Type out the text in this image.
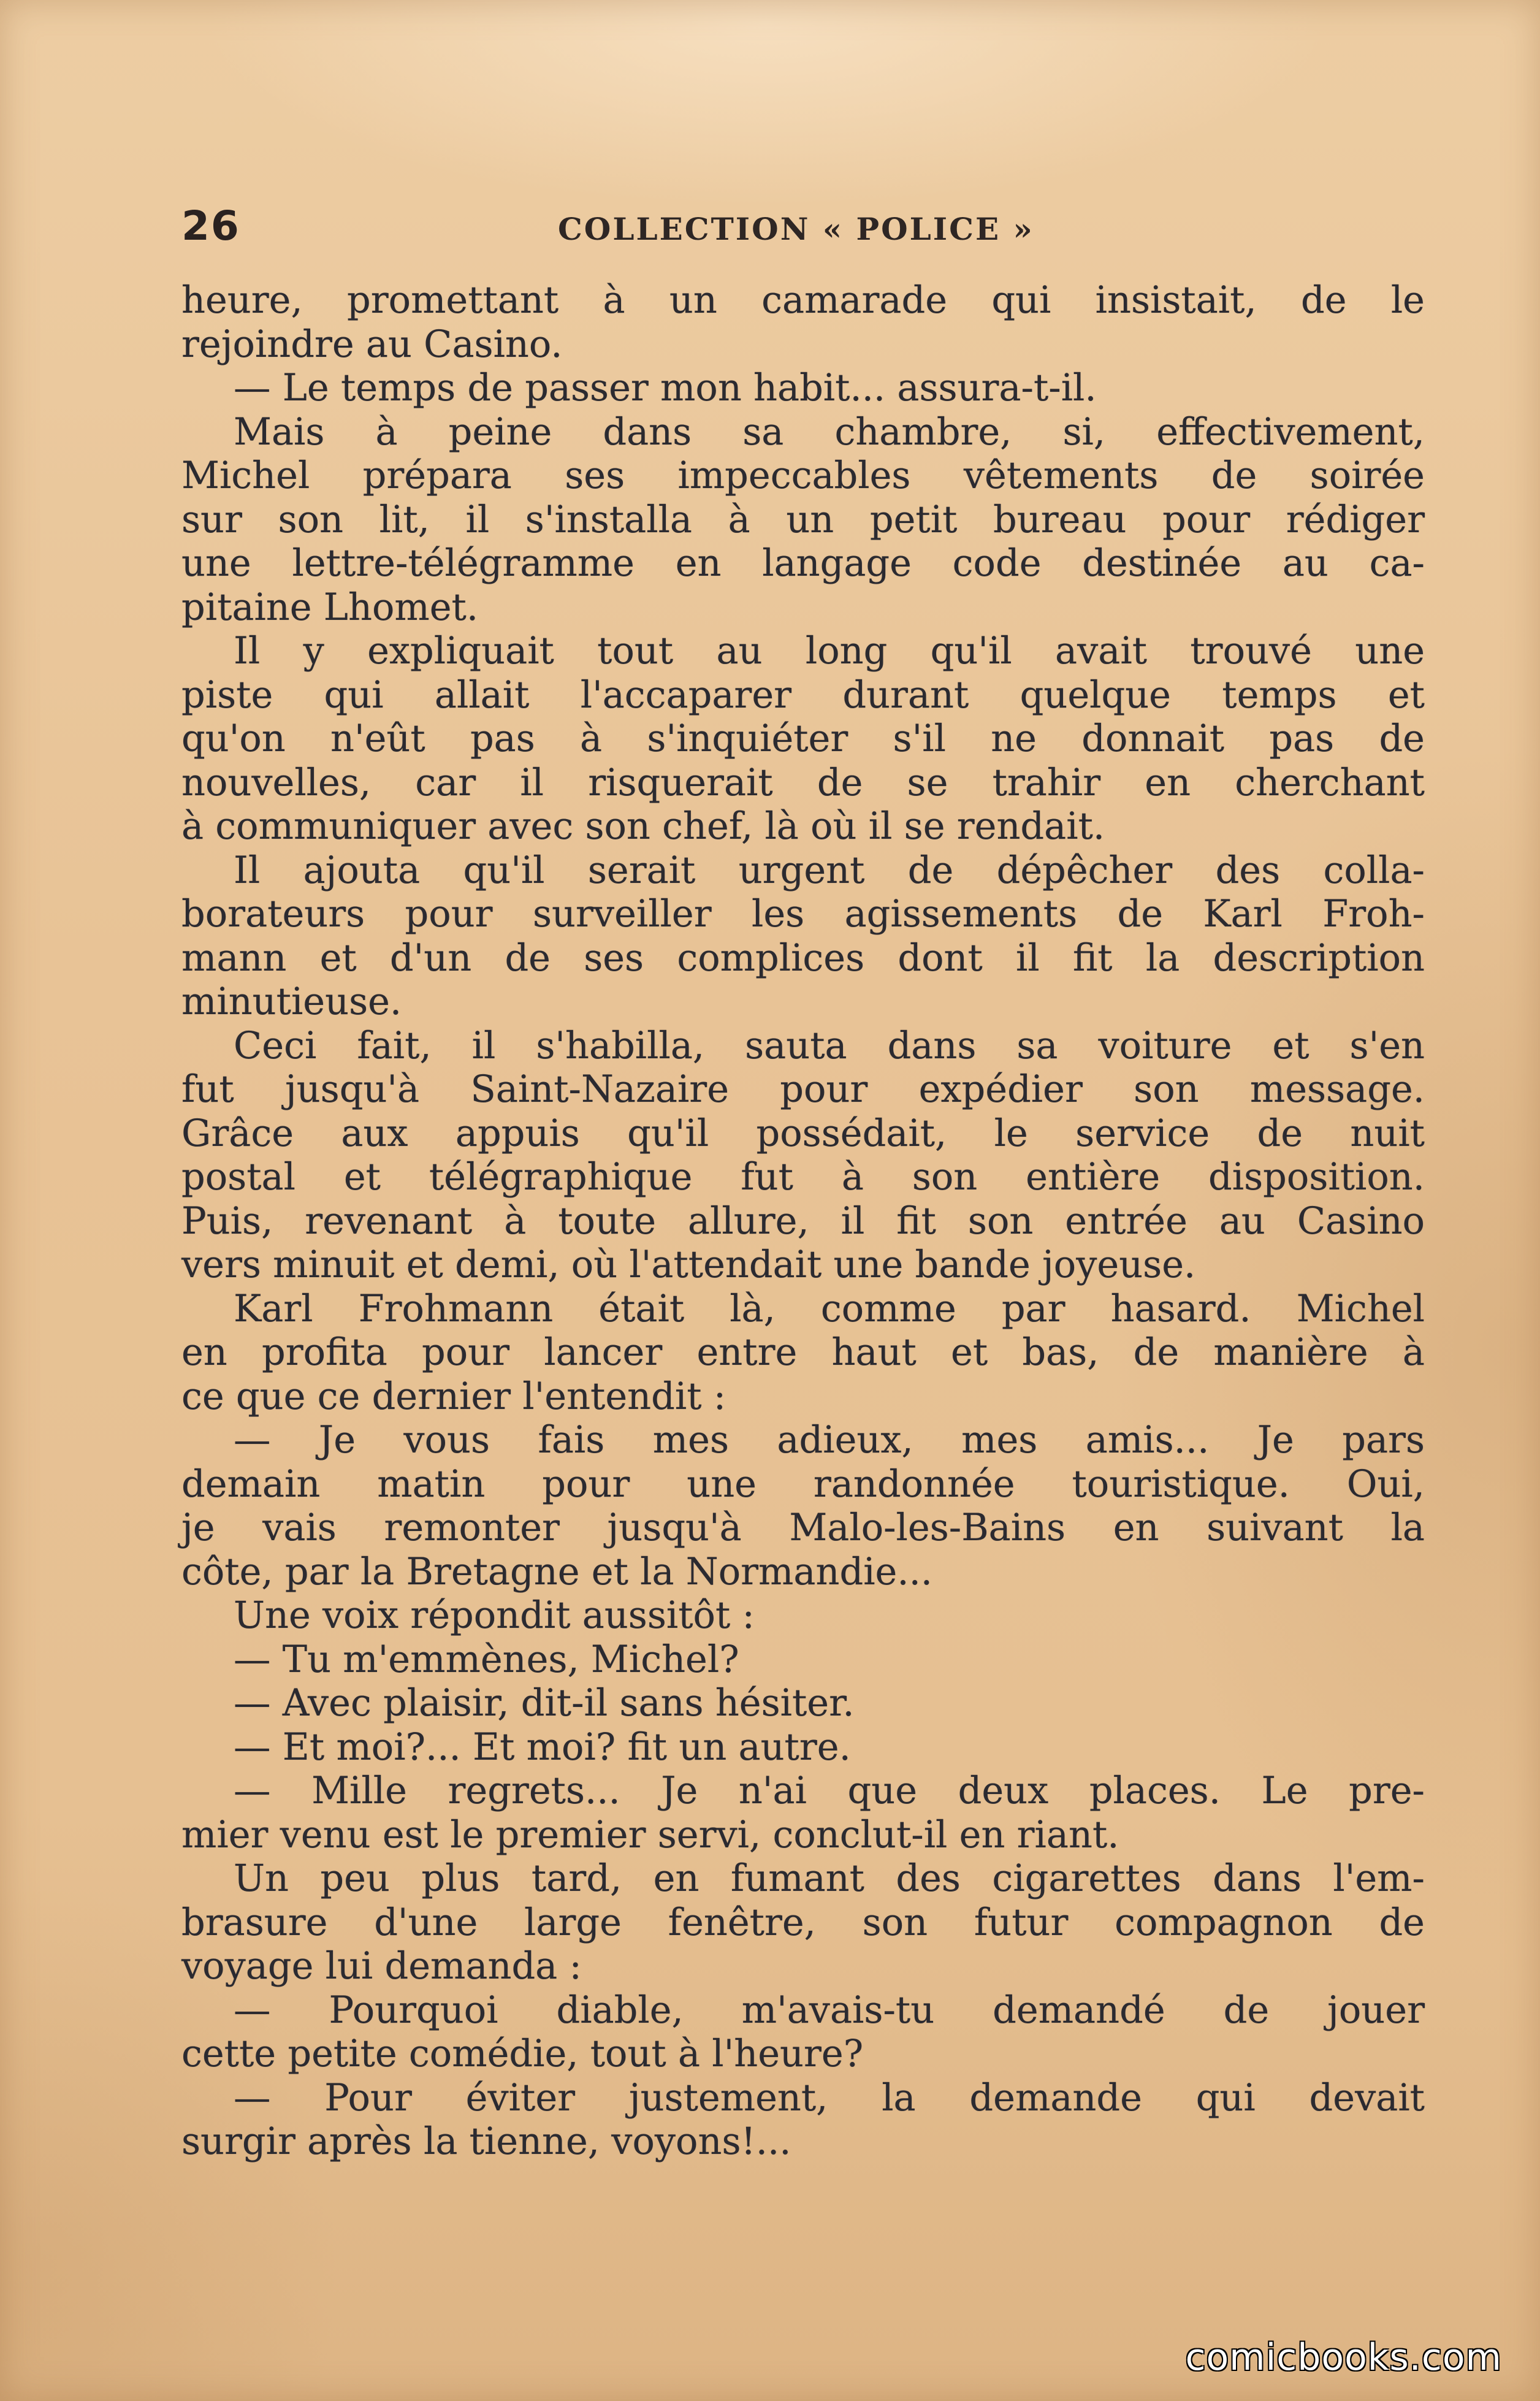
26	COLLECTION « POLICE »
heure, promettant à un camarade qui insistait, de le
rejoindre au Casino.
— Le temps de passer mon habit... assura-t-il.
Mais à peine dans sa chambre, si, effectivement,
Michel prépara ses impeccables vêtements de soirée
sur son lit, il s'installa à un petit bureau pour rédiger
une lettre-télégramme en langage code destinée au ca-
pitaine Lhomet.
Il y expliquait tout au long qu'il avait trouvé une
piste qui allait l'accaparer durant quelque temps et
qu'on n'eût pas à s'inquiéter s'il ne donnait pas de
nouvelles, car il risquerait de se trahir en cherchant
à communiquer avec son chef, là où il se rendait.
Il ajouta qu'il serait urgent de dépêcher des colla-
borateurs pour surveiller les agissements de Karl Froh-
mann et d'un de ses complices dont il fit la description
minutieuse.
Ceci fait, il s'habilla, sauta dans sa voiture et s'en
fut jusqu'à Saint-Nazaire pour expédier son message.
Grâce aux appuis qu'il possédait, le service de nuit
postal et télégraphique fut à son entière disposition.
Puis, revenant à toute allure, il fit son entrée au Casino
vers minuit et demi, où l'attendait une bande joyeuse.
Karl Frohmann était là, comme par hasard. Michel
en profita pour lancer entre haut et bas, de manière à
ce que ce dernier l'entendit :
— Je vous fais mes adieux, mes amis... Je pars
demain matin pour une randonnée touristique. Oui,
je vais remonter jusqu'à Malo-les-Bains en suivant la
côte, par la Bretagne et la Normandie...
Une voix répondit aussitôt :
— Tu m'emmènes, Michel?
— Avec plaisir, dit-il sans hésiter.
— Et moi?... Et moi? fit un autre.
— Mille regrets... Je n'ai que deux places. Le pre-
mier venu est le premier servi, conclut-il en riant.
Un peu plus tard, en fumant des cigarettes dans l'em-
brasure d'une large fenêtre, son futur compagnon de
voyage lui demanda :
— Pourquoi diable, m'avais-tu demandé de jouer
cette petite comédie, tout à l'heure?
— Pour éviter justement, la demande qui devait
surgir après la tienne, voyons!...
comicbooks.com
